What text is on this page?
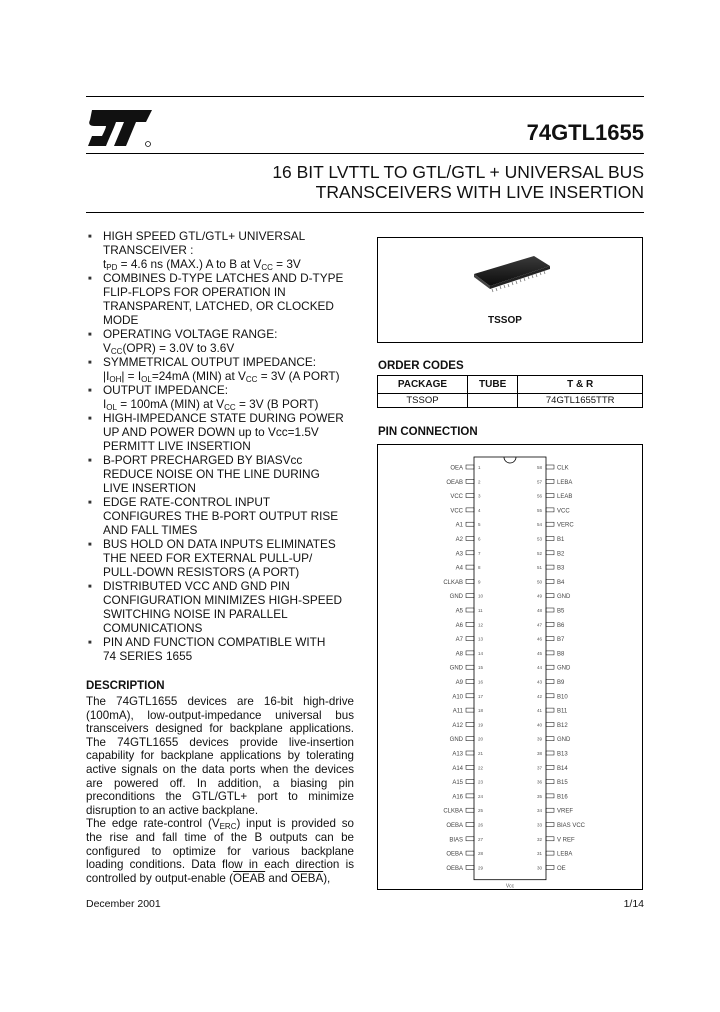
74GTL1655
16 BIT LVTTL TO GTL/GTL + UNIVERSAL BUS
TRANSCEIVERS WITH LIVE INSERTION
■ HIGH SPEED GTL/GTL+ UNIVERSAL
TRANSCEIVER :
$t_{PD} = 4.6$ ns (MAX.) A to B at $V_{CC} = 3V$
■ COMBINES D-TYPE LATCHES AND D-TYPE
FLIP-FLOPS FOR OPERATION IN
TRANSPARENT, LATCHED, OR CLOCKED
MODE
■ OPERATING VOLTAGE RANGE:
$V_{CC}(OPR) = 3.0V$ to 3.6V
■ SYMMETRICAL OUTPUT IMPEDANCE:
$|I_{OH}| = I_{OL}=24mA$ (MIN) at $V_{CC} = 3V$ (A PORT)
■ OUTPUT IMPEDANCE:
$I_{OL} = 100mA$ (MIN) at $V_{CC} = 3V$ (B PORT)
■ HIGH-IMPEDANCE STATE DURING POWER
UP AND POWER DOWN up to Vcc=1.5V
PERMITT LIVE INSERTION
■ B-PORT PRECHARGED BY BIASVcc
REDUCE NOISE ON THE LINE DURING
LIVE INSERTION
■ EDGE RATE-CONTROL INPUT
CONFIGURES THE B-PORT OUTPUT RISE
AND FALL TIMES
■ BUS HOLD ON DATA INPUTS ELIMINATES
THE NEED FOR EXTERNAL PULL-UP/
PULL-DOWN RESISTORS (A PORT)
■ DISTRIBUTED VCC AND GND PIN
CONFIGURATION MINIMIZES HIGH-SPEED
SWITCHING NOISE IN PARALLEL
COMUNICATIONS
■ PIN AND FUNCTION COMPATIBLE WITH
74 SERIES 1655
DESCRIPTION

The 74GTL1655 devices are 16-bit high-drive
(100mA), low-output-impedance universal bus
transceivers designed for backplane applications.
The 74GTL1655 devices provide live-insertion
capability for backplane applications by tolerating
active signals on the data ports when the devices
are powered off. In addition, a biasing pin
preconditions the GTL/GTL+ port to minimize
disruption to an active backplane.

The edge rate-control $(V_{ERC})$ input is provided so
the rise and fall time of the B outputs can be
configured to optimize for various backplane
loading conditions. Data flow in each direction is
controlled by output-enable (OEAB and OEBA),

TSSOP
ORDER CODES
PACKAGE	TUBE	T & R
TSSOP		74GTL1655TTR
PIN CONNECTION
1	58
OEA	CLK
2	57
OEAB	LEBA
3	56
VCC	LEAB
4	55
VCC	VCC
5	54
A1	VERC
6	53
A2	B1
7	52
A3	B2
8	51
A4	B3
9	50
CLKAB	B4
10	49
GND	GND
11	48
A5	B5
12	47
A6	B6
13	46
A7	B7
14	45
A8	B8
15	44
GND	GND
16	43
A9	B9
17	42
A10	B10
18	41
A11	B11
19	40
A12	B12
20	39
GND	GND
21	38
A13	B13
22	37
A14	B14
23	36
A15	B15
24	35
A16	B16
25	34
CLKBA	VREF
26	33
OEBA	BIAS VCC
27	32
BIAS	V REF
28	31
OEBA	LEBA
29	30
OEBA	OE
Vcc
December 2001	1/14
